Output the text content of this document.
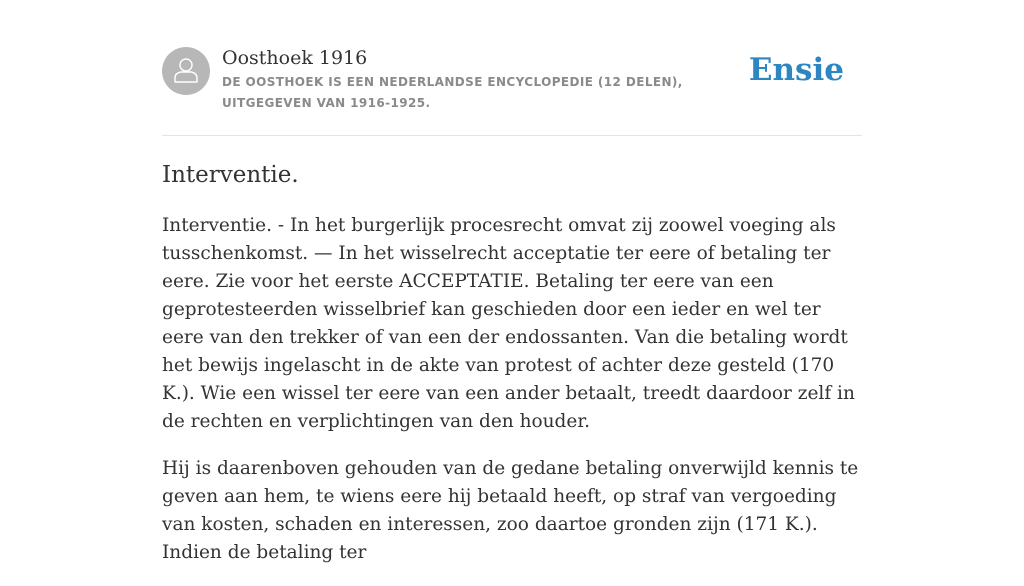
Oosthoek 1916
DE OOSTHOEK IS EEN NEDERLANDSE ENCYCLOPEDIE (12 DELEN), UITGEGEVEN VAN 1916-1925.
Ensie
Interventie.

Interventie. - In het burgerlijk procesrecht omvat zij zoowel voeging als tusschenkomst. — In het wisselrecht acceptatie ter eere of betaling ter eere. Zie voor het eerste ACCEPTATIE. Betaling ter eere van een geprotesteerden wisselbrief kan geschieden door een ieder en wel ter eere van den trekker of van een der endossanten. Van die betaling wordt het bewijs ingelascht in de akte van protest of achter deze gesteld (170 K.). Wie een wissel ter eere van een ander betaalt, treedt daardoor zelf in de rechten en verplichtingen van den houder.

Hij is daarenboven gehouden van de gedane betaling onverwijld kennis te geven aan hem, te wiens eere hij betaald heeft, op straf van vergoeding van kosten, schaden en interessen, zoo daartoe gronden zijn (171 K.). Indien de betaling ter
